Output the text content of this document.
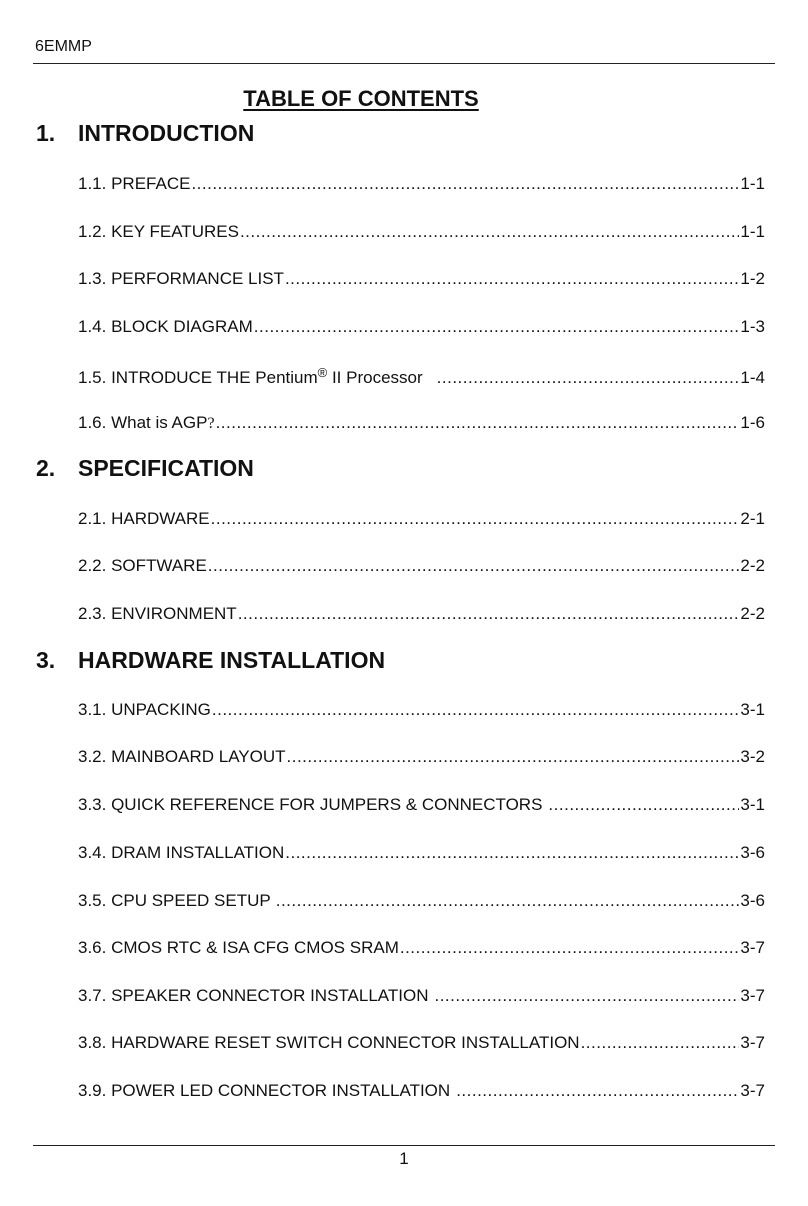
6EMMP
TABLE OF CONTENTS
1. INTRODUCTION
1.1. PREFACE .....	1-1
1.2. KEY FEATURES .....	1-1
1.3. PERFORMANCE LIST .....	1-2
1.4. BLOCK DIAGRAM .....	1-3
1.5. INTRODUCE THE Pentium® II Processor .....	1-4
1.6. What is AGP? .....	1-6
2. SPECIFICATION
2.1. HARDWARE .....	2-1
2.2. SOFTWARE .....	2-2
2.3. ENVIRONMENT .....	2-2
3. HARDWARE INSTALLATION
3.1. UNPACKING .....	3-1
3.2. MAINBOARD LAYOUT .....	3-2
3.3. QUICK REFERENCE FOR JUMPERS & CONNECTORS .....	3-1
3.4. DRAM INSTALLATION .....	3-6
3.5. CPU SPEED SETUP .....	3-6
3.6. CMOS RTC & ISA CFG CMOS SRAM .....	3-7
3.7. SPEAKER CONNECTOR INSTALLATION .....	3-7
3.8. HARDWARE RESET SWITCH CONNECTOR INSTALLATION .....	3-7
3.9. POWER LED CONNECTOR INSTALLATION .....	3-7
1
